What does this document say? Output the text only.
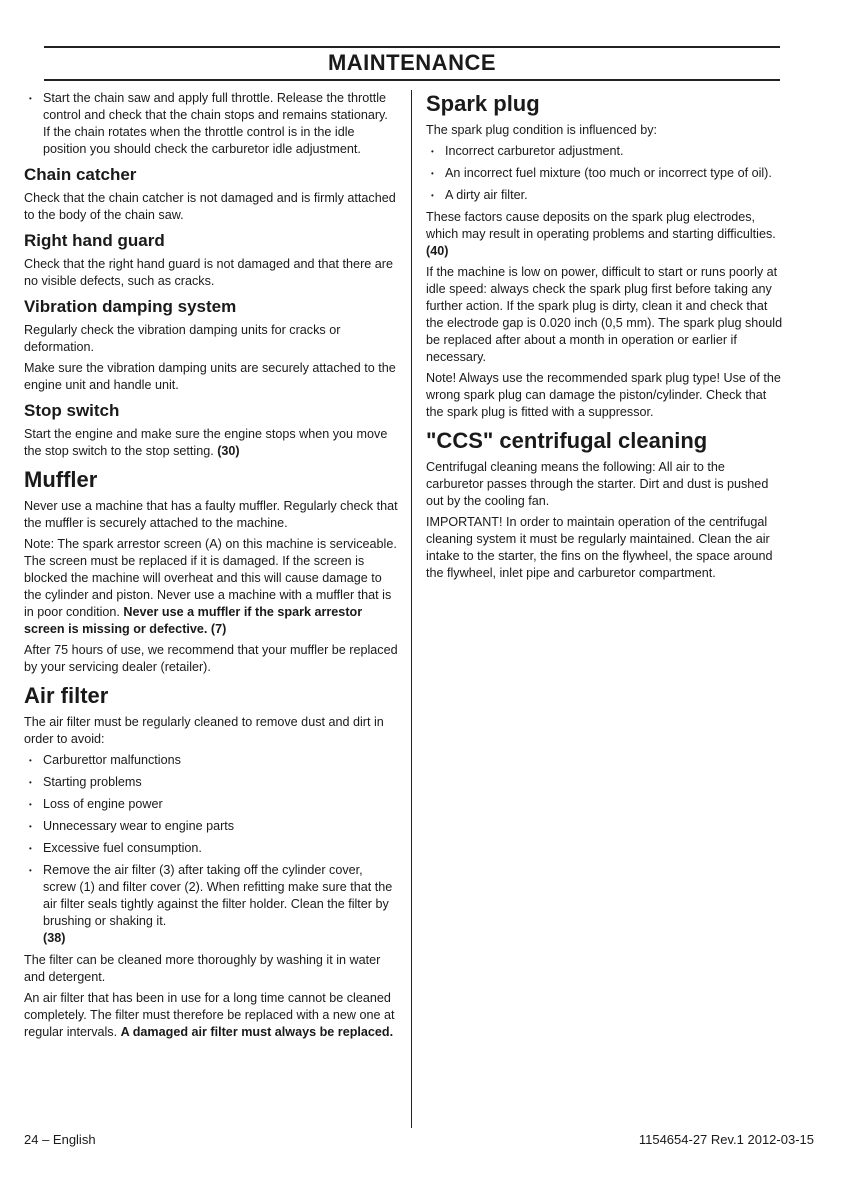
MAINTENANCE
• Start the chain saw and apply full throttle. Release the throttle control and check that the chain stops and remains stationary. If the chain rotates when the throttle control is in the idle position you should check the carburetor idle adjustment.
Chain catcher

Check that the chain catcher is not damaged and is firmly attached to the body of the chain saw.

Right hand guard

Check that the right hand guard is not damaged and that there are no visible defects, such as cracks.

Vibration damping system

Regularly check the vibration damping units for cracks or deformation.

Make sure the vibration damping units are securely attached to the engine unit and handle unit.

Stop switch

Start the engine and make sure the engine stops when you move the stop switch to the stop setting. (30)

Muffler

Never use a machine that has a faulty muffler. Regularly check that the muffler is securely attached to the machine.

Note: The spark arrestor screen (A) on this machine is serviceable. The screen must be replaced if it is damaged. If the screen is blocked the machine will overheat and this will cause damage to the cylinder and piston. Never use a machine with a muffler that is in poor condition. Never use a muffler if the spark arrestor screen is missing or defective. (7)

After 75 hours of use, we recommend that your muffler be replaced by your servicing dealer (retailer).

Air filter

The air filter must be regularly cleaned to remove dust and dirt in order to avoid:

• Carburettor malfunctions
• Starting problems
• Loss of engine power
• Unnecessary wear to engine parts
• Excessive fuel consumption.
• Remove the air filter (3) after taking off the cylinder cover, screw (1) and filter cover (2). When refitting make sure that the air filter seals tightly against the filter holder. Clean the filter by brushing or shaking it.
(38)

The filter can be cleaned more thoroughly by washing it in water and detergent.

An air filter that has been in use for a long time cannot be cleaned completely. The filter must therefore be replaced with a new one at regular intervals. A damaged air filter must always be replaced.

Spark plug

The spark plug condition is influenced by:

• Incorrect carburetor adjustment.
• An incorrect fuel mixture (too much or incorrect type of oil).
• A dirty air filter.

These factors cause deposits on the spark plug electrodes, which may result in operating problems and starting difficulties. (40)

If the machine is low on power, difficult to start or runs poorly at idle speed: always check the spark plug first before taking any further action. If the spark plug is dirty, clean it and check that the electrode gap is 0.020 inch (0,5 mm). The spark plug should be replaced after about a month in operation or earlier if necessary.

Note! Always use the recommended spark plug type! Use of the wrong spark plug can damage the piston/cylinder. Check that the spark plug is fitted with a suppressor.

"CCS" centrifugal cleaning

Centrifugal cleaning means the following: All air to the carburetor passes through the starter. Dirt and dust is pushed out by the cooling fan.

IMPORTANT! In order to maintain operation of the centrifugal cleaning system it must be regularly maintained. Clean the air intake to the starter, the fins on the flywheel, the space around the flywheel, inlet pipe and carburetor compartment.

24 – English	1154654-27 Rev.1 2012-03-15
